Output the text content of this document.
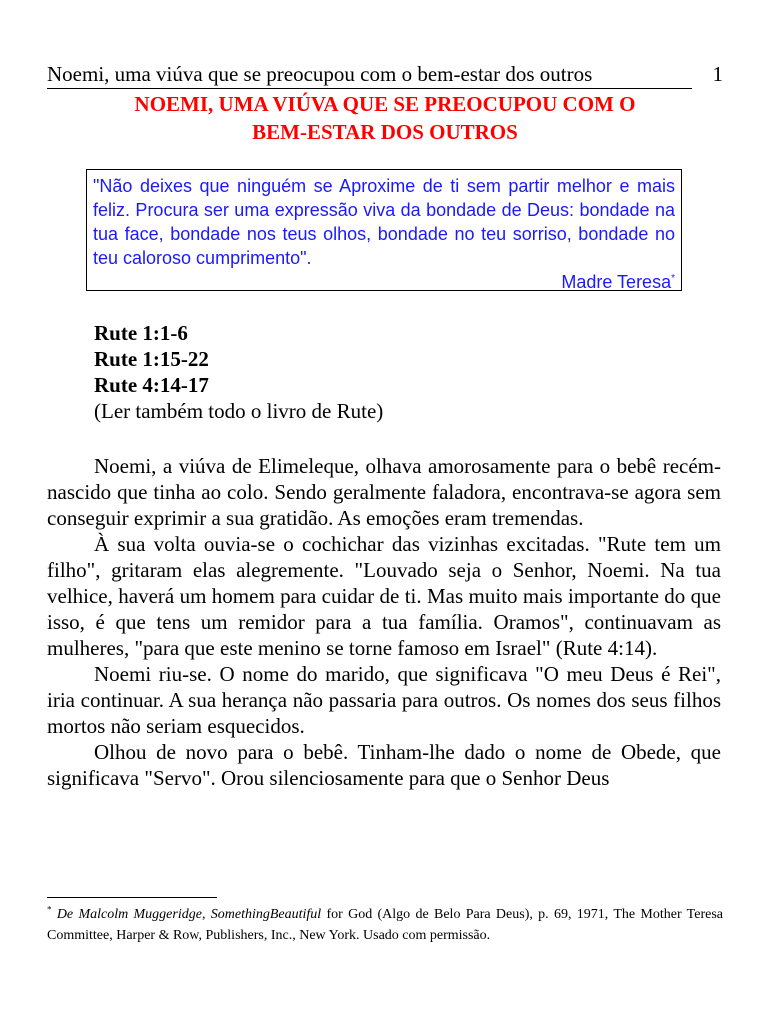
Noemi, uma viúva que se preocupou com o bem-estar dos outros	1
NOEMI, UMA VIÚVA QUE SE PREOCUPOU COM O
BEM-ESTAR DOS OUTROS
"Não deixes que ninguém se Aproxime de ti sem partir melhor e mais feliz. Procura ser uma expressão viva da bondade de Deus: bondade na tua face, bondade nos teus olhos, bondade no teu sorriso, bondade no teu caloroso cumprimento".
Madre Teresa*
Rute 1:1-6
Rute 1:15-22
Rute 4:14-17
(Ler também todo o livro de Rute)

Noemi, a viúva de Elimeleque, olhava amorosamente para o bebê recém-nascido que tinha ao colo. Sendo geralmente faladora, encontrava-se agora sem conseguir exprimir a sua gratidão. As emoções eram tremendas.

À sua volta ouvia-se o cochichar das vizinhas excitadas. "Rute tem um filho", gritaram elas alegremente. "Louvado seja o Senhor, Noemi. Na tua velhice, haverá um homem para cuidar de ti. Mas muito mais importante do que isso, é que tens um remidor para a tua família. Oramos", continuavam as mulheres, "para que este menino se torne famoso em Israel" (Rute 4:14).

Noemi riu-se. O nome do marido, que significava "O meu Deus é Rei", iria continuar. A sua herança não passaria para outros. Os nomes dos seus filhos mortos não seriam esquecidos.

Olhou de novo para o bebê. Tinham-lhe dado o nome de Obede, que significava "Servo". Orou silenciosamente para que o Senhor Deus

* De Malcolm Muggeridge, SomethingBeautiful for God (Algo de Belo Para Deus), p. 69, 1971, The Mother Teresa Committee, Harper & Row, Publishers, Inc., New York. Usado com permissão.
